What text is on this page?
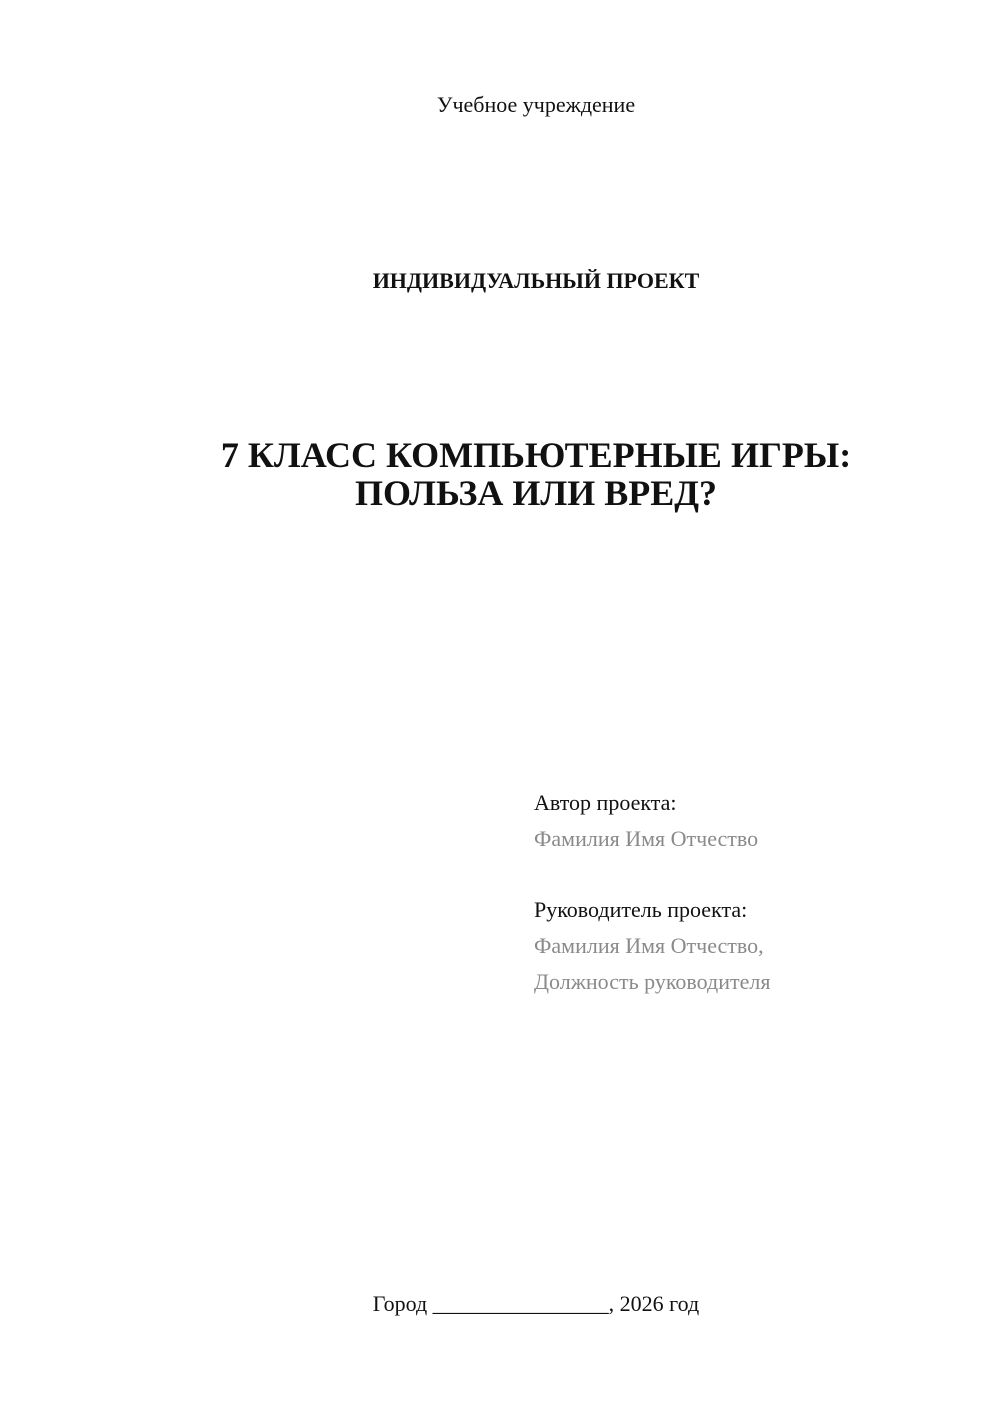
Учебное учреждение
ИНДИВИДУАЛЬНЫЙ ПРОЕКТ
7 КЛАСС КОМПЬЮТЕРНЫЕ ИГРЫ:
ПОЛЬЗА ИЛИ ВРЕД?
Автор проекта:
Фамилия Имя Отчество
Руководитель проекта:
Фамилия Имя Отчество,
Должность руководителя
Город ________________, 2026 год
